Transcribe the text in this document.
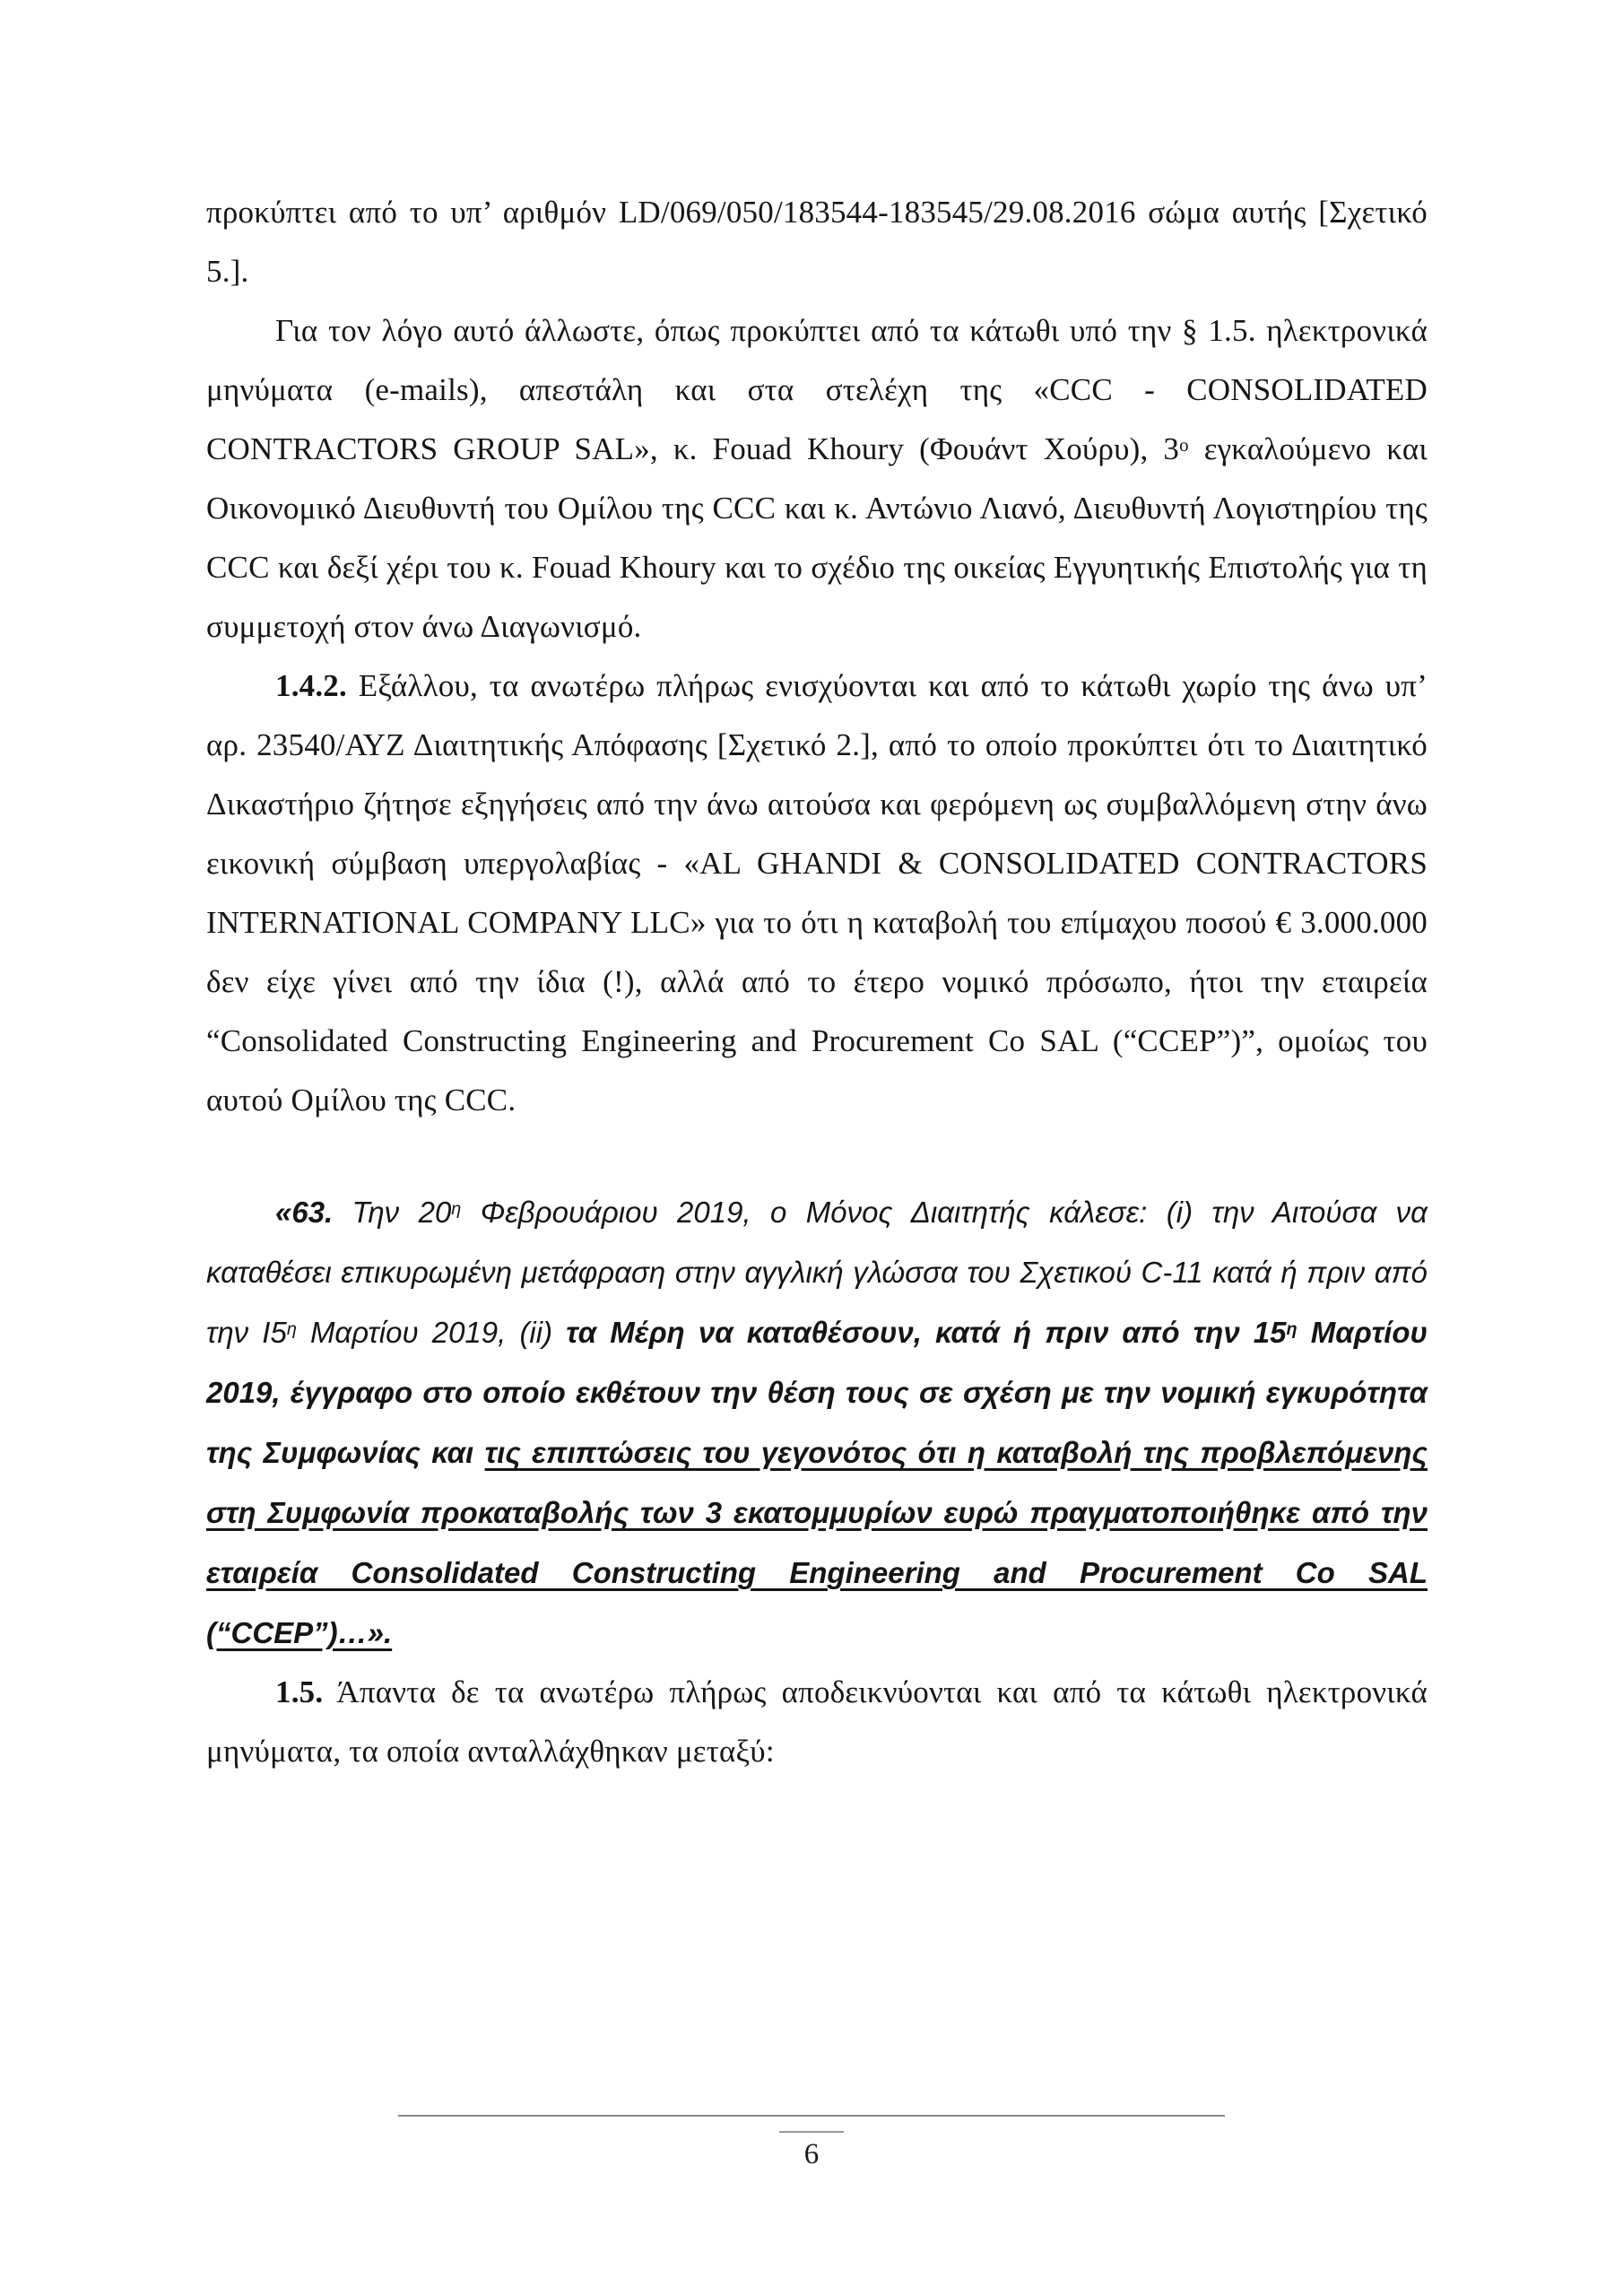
προκύπτει από το υπ’ αριθμόν LD/069/050/183544-183545/29.08.2016 σώμα αυτής [Σχετικό 5.].

Για τον λόγο αυτό άλλωστε, όπως προκύπτει από τα κάτωθι υπό την § 1.5. ηλεκτρονικά μηνύματα (e-mails), απεστάλη και στα στελέχη της «CCC - CONSOLIDATED CONTRACTORS GROUP SAL», κ. Fouad Khoury (Φουάντ Χούρυ), $3^o$ εγκαλούμενο και Οικονομικό Διευθυντή του Ομίλου της CCC και κ. Αντώνιο Λιανό, Διευθυντή Λογιστηρίου της CCC και δεξί χέρι του κ. Fouad Khoury και το σχέδιο της οικείας Εγγυητικής Επιστολής για τη συμμετοχή στον άνω Διαγωνισμό.

1.4.2. Εξάλλου, τα ανωτέρω πλήρως ενισχύονται και από το κάτωθι χωρίο της άνω υπ’ αρ. 23540/ΑΥΖ Διαιτητικής Απόφασης [Σχετικό 2.], από το οποίο προκύπτει ότι το Διαιτητικό Δικαστήριο ζήτησε εξηγήσεις από την άνω αιτούσα και φερόμενη ως συμβαλλόμενη στην άνω εικονική σύμβαση υπεργολαβίας - «AL GHANDI & CONSOLIDATED CONTRACTORS INTERNATIONAL COMPANY LLC» για το ότι η καταβολή του επίμαχου ποσού € 3.000.000 δεν είχε γίνει από την ίδια (!), αλλά από το έτερο νομικό πρόσωπο, ήτοι την εταιρεία “Consolidated Constructing Engineering and Procurement Co SAL (“CCEP”)”, ομοίως του αυτού Ομίλου της CCC.

«63. Την $20^\eta$ Φεβρουάριου 2019, ο Μόνος Διαιτητής κάλεσε: (i) την Αιτούσα να καταθέσει επικυρωμένη μετάφραση στην αγγλική γλώσσα του Σχετικού C-11 κατά ή πριν από την $I5^\eta$ Μαρτίου 2019, (ii) τα Μέρη να καταθέσουν, κατά ή πριν από την $15^\eta$ Μαρτίου 2019, έγγραφο στο οποίο εκθέτουν την θέση τους σε σχέση με την νομική εγκυρότητα της Συμφωνίας και τις επιπτώσεις του γεγονότος ότι η καταβολή της προβλεπόμενης στη Συμφωνία προκαταβολής των 3 εκατομμυρίων ευρώ πραγματοποιήθηκε από την εταιρεία Consolidated Constructing Engineering and Procurement Co SAL (“CCEP”)…».

1.5. Άπαντα δε τα ανωτέρω πλήρως αποδεικνύονται και από τα κάτωθι ηλεκτρονικά μηνύματα, τα οποία ανταλλάχθηκαν μεταξύ:

6
